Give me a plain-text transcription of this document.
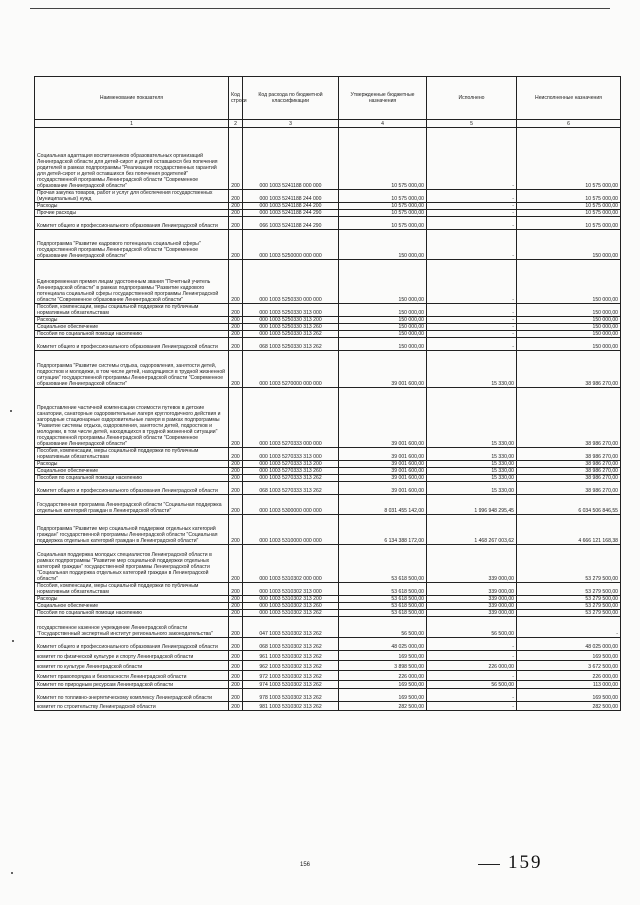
Наименование показателя	Код строки	Код расхода по бюджетной классификации	Утвержденные бюджетные назначения	Исполнено	Неисполненные назначения
1	2	3	4	5	6
Социальная адаптация воспитанников образовательных организаций Ленинградской области для детей-сирот и детей оставшихся без попечения родителей в рамках подпрограммы "Реализация государственных гарантий для детей-сирот и детей оставшихся без попечения родителей" государственной программы Ленинградской области "Современное образование Ленинградской области"	200	000 1003 5241188 000 000	10 575 000,00	-	10 575 000,00
Прочая закупка товаров, работ и услуг для обеспечения государственных (муниципальных) нужд	200	000 1003 5241188 244 000	10 575 000,00	-	10 575 000,00
Расходы	200	000 1003 5241188 244 200	10 575 000,00	-	10 575 000,00
Прочие расходы	200	000 1003 5241188 244 290	10 575 000,00	-	10 575 000,00
Комитет общего и профессионального образования Ленинградской области	200	066 1003 5241188 244 290	10 575 000,00	-	10 575 000,00
Подпрограмма "Развитие кадрового потенциала социальной сферы" государственной программы Ленинградской области "Современное образование Ленинградской области"	200	000 1003 5250000 000 000	150 000,00	-	150 000,00
Единовременная премия лицам удостоенным звания "Почетный учитель Ленинградской области" в рамках подпрограммы "Развитие кадрового потенциала социальной сферы государственной программы Ленинградской области "Современное образование Ленинградской области"	200	000 1003 5250330 000 000	150 000,00	-	150 000,00
Пособия, компенсации, меры социальной поддержки по публичным нормативным обязательствам	200	000 1003 5250330 313 000	150 000,00	-	150 000,00
Расходы	200	000 1003 5250330 313 200	150 000,00	-	150 000,00
Социальное обеспечение	200	000 1003 5250330 313 260	150 000,00	-	150 000,00
Пособия по социальной помощи населению	200	000 1003 5250330 313 262	150 000,00	-	150 000,00
Комитет общего и профессионального образования Ленинградской области	200	068 1003 5250330 313 262	150 000,00	-	150 000,00
Подпрограмма "Развитие системы отдыха, оздоровления, занятости детей, подростков и молодежи, в том числе детей, находящихся в трудной жизненной ситуации" государственной программы Ленинградской области "Современное образование Ленинградской области"	200	000 1003 5270000 000 000	39 001 600,00	15 330,00	38 986 270,00
Предоставление частичной компенсации стоимости путевок в детские санатории, санаторные оздоровительные лагеря круглогодичного действия и загородные стационарные оздоровительные лагеря в рамках подпрограммы "Развитие системы отдыха, оздоровления, занятости детей, подростков и молодежи, в том числе детей, находящихся в трудной жизненной ситуации" государственной программы Ленинградской области "Современное образование Ленинградской области"	200	000 1003 5270333 000 000	39 001 600,00	15 330,00	38 986 270,00
Пособия, компенсации, меры социальной поддержки по публичным нормативным обязательствам	200	000 1003 5270333 313 000	39 001 600,00	15 330,00	38 986 270,00
Расходы	200	000 1003 5270333 313 200	39 001 600,00	15 330,00	38 986 270,00
Социальное обеспечение	200	000 1003 5270333 313 260	39 001 600,00	15 330,00	38 986 270,00
Пособия по социальной помощи населению	200	000 1003 5270333 313 262	39 001 600,00	15 330,00	38 986 270,00
Комитет общего и профессионального образования Ленинградской области	200	068 1003 5270333 313 262	39 001 600,00	15 330,00	38 986 270,00
Государственная программа Ленинградской области "Социальная поддержка отдельных категорий граждан в Ленинградской области"	200	000 1003 5300000 000 000	8 031 455 142,00	1 996 948 295,45	6 034 506 846,55
Подпрограмма "Развитие мер социальной поддержки отдельных категорий граждан" государственной программы Ленинградской области "Социальная поддержка отдельных категорий граждан в Ленинградской области"	200	000 1003 5310000 000 000	6 134 388 172,00	1 468 267 003,62	4 666 121 168,38
Социальная поддержка молодых специалистов Ленинградской области в рамках подпрограммы "Развитие мер социальной поддержки отдельных категорий граждан" государственной программы Ленинградской области "Социальная поддержка отдельных категорий граждан в Ленинградской области"	200	000 1003 5310302 000 000	53 618 500,00	339 000,00	53 279 500,00
Пособия, компенсации, меры социальной поддержки по публичным нормативным обязательствам	200	000 1003 5310302 313 000	53 618 500,00	339 000,00	53 279 500,00
Расходы	200	000 1003 5310302 313 200	53 618 500,00	339 000,00	53 279 500,00
Социальное обеспечение	200	000 1003 5310302 313 260	53 618 500,00	339 000,00	53 279 500,00
Пособия по социальной помощи населению	200	000 1003 5310302 313 262	53 618 500,00	339 000,00	53 279 500,00
государственное казенное учреждение Ленинградской области "Государственный экспертный институт регионального законодательства"	200	047 1003 5310302 313 262	56 500,00	56 500,00	-
Комитет общего и профессионального образования Ленинградской области	200	068 1003 5310302 313 262	48 025 000,00	-	48 025 000,00
комитет по физической культуре и спорту Ленинградской области	200	961 1003 5310302 313 262	169 500,00	-	169 500,00
комитет по культуре Ленинградской области	200	962 1003 5310302 313 262	3 898 500,00	226 000,00	3 672 500,00
Комитет правопорядка и безопасности Ленинградской области	200	972 1003 5310302 313 262	226 000,00	-	226 000,00
Комитет по природным ресурсам Ленинградской области	200	974 1003 5310302 313 262	169 500,00	56 500,00	113 000,00
Комитет по топливно-энергетическому комплексу Ленинградской области	200	978 1003 5310302 313 262	169 500,00	-	169 500,00
комитет по строительству Ленинградской области	200	981 1003 5310302 313 262	282 500,00	-	282 500,00
156	159
